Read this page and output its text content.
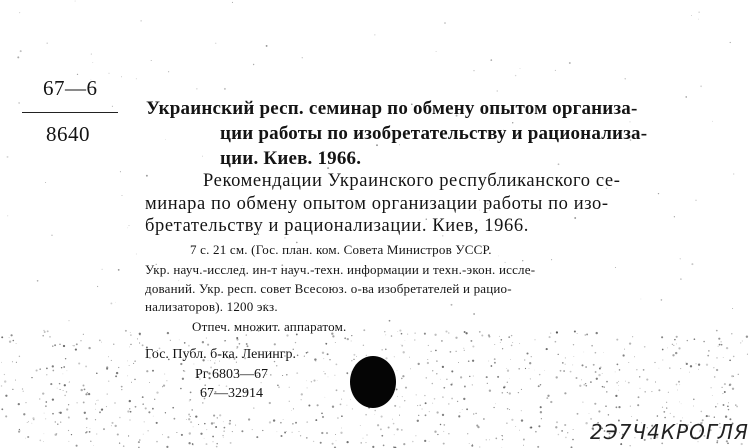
67—6
8640
Украинский респ. семинар по обмену опытом организа-
ции работы по изобретательству и рационализа-
ции. Киев. 1966.
Рекомендации Украинского республиканского се-
минара по обмену опытом организации работы по изо-
бретательству и рационализации. Киев, 1966.
7 с. 21 см. (Гос. план. ком. Совета Министров УССР.
Укр. науч.-исслед. ин-т науч.-техн. информации и техн.-экон. иссле-
дований. Укр. респ. совет Всесоюз. о-ва изобретателей и рацио-
нализаторов). 1200 экз.
Отпеч. множит. аппаратом.
Гос. Публ. б-ка. Ленингр.
Рг 6803—67
67—32914
2Э7Ч4КРОГЛЯ
